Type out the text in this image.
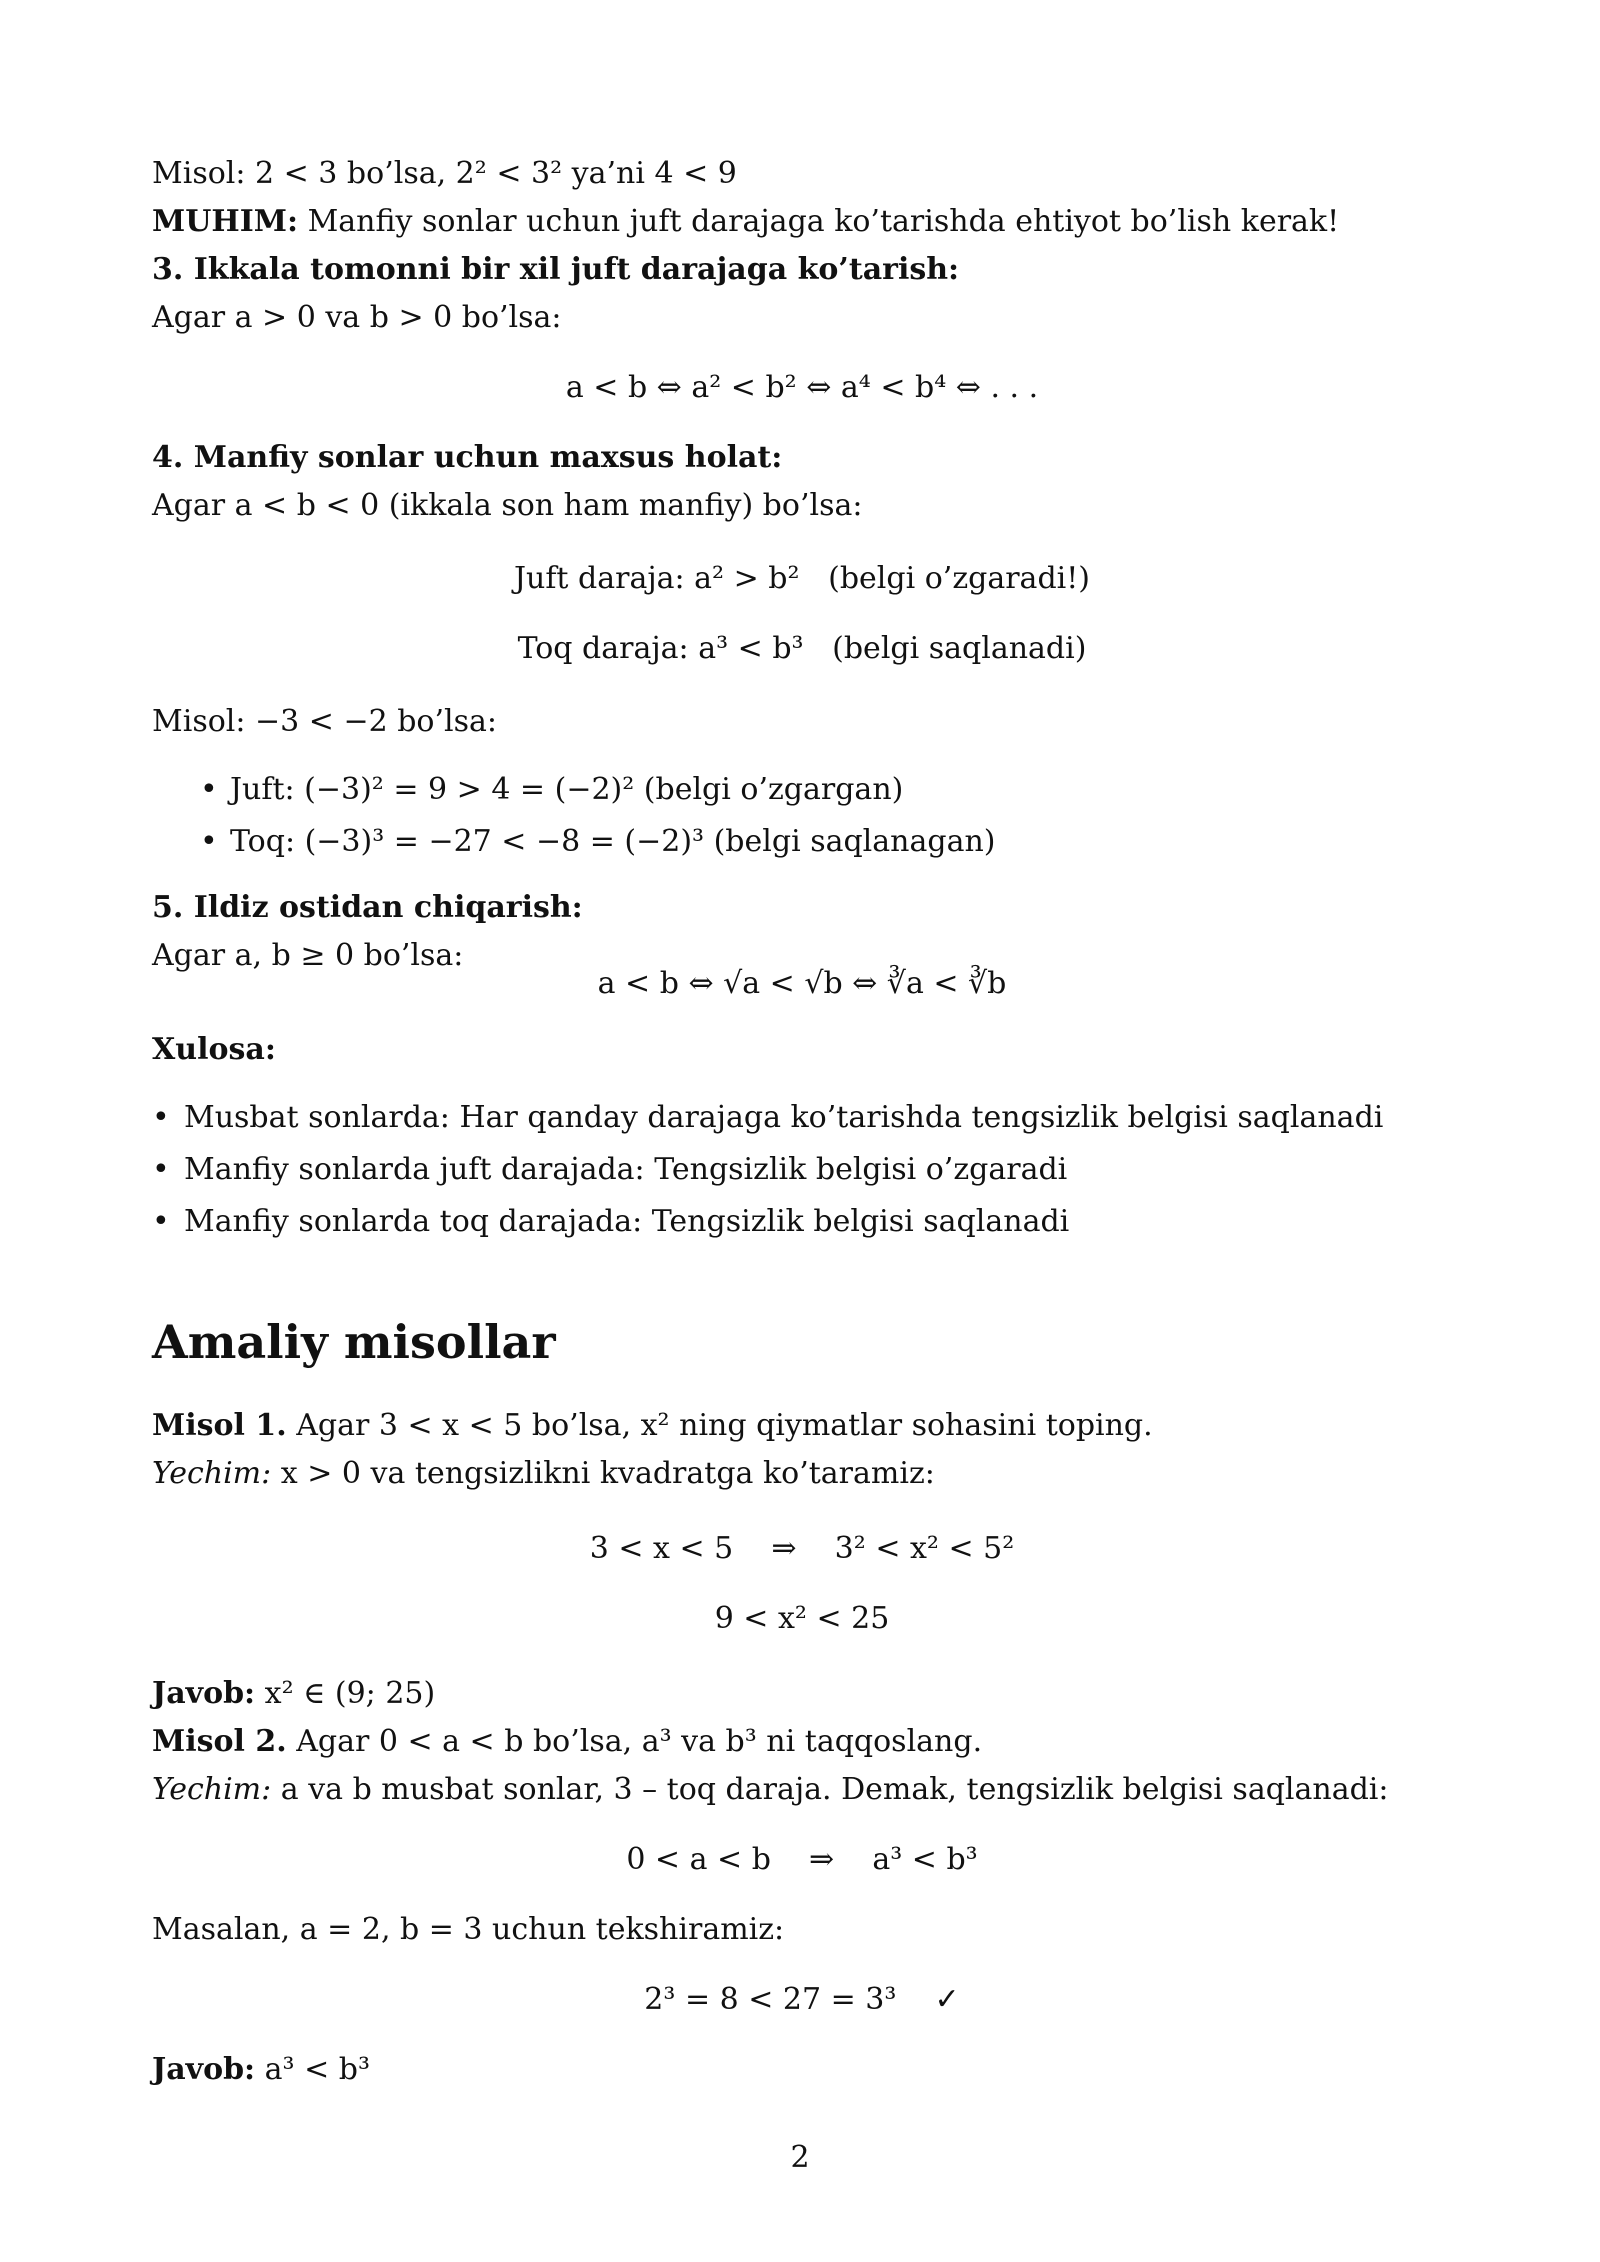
Misol: 2 < 3 bo’lsa, 2² < 3² ya’ni 4 < 9

MUHIM: Manfiy sonlar uchun juft darajaga ko’tarishda ehtiyot bo’lish kerak!

3. Ikkala tomonni bir xil juft darajaga ko’tarish:

Agar a > 0 va b > 0 bo’lsa:

a < b ⇔ a² < b² ⇔ a⁴ < b⁴ ⇔ . . .

4. Manfiy sonlar uchun maxsus holat:

Agar a < b < 0 (ikkala son ham manfiy) bo’lsa:

Juft daraja: a² > b²   (belgi o’zgaradi!)

Toq daraja: a³ < b³   (belgi saqlanadi)

Misol: −3 < −2 bo’lsa:

• Juft: (−3)² = 9 > 4 = (−2)² (belgi o’zgargan)
• Toq: (−3)³ = −27 < −8 = (−2)³ (belgi saqlanagan)

5. Ildiz ostidan chiqarish:

Agar a, b ≥ 0 bo’lsa:

a < b ⇔ √a < √b ⇔ ∛a < ∛b

Xulosa:

• Musbat sonlarda: Har qanday darajaga ko’tarishda tengsizlik belgisi saqlanadi
• Manfiy sonlarda juft darajada: Tengsizlik belgisi o’zgaradi
• Manfiy sonlarda toq darajada: Tengsizlik belgisi saqlanadi
Amaliy misollar

Misol 1. Agar 3 < x < 5 bo’lsa, x² ning qiymatlar sohasini toping.

Yechim: x > 0 va tengsizlikni kvadratga ko’taramiz:

3 < x < 5    ⇒    3² < x² < 5²

9 < x² < 25

Javob: x² ∈ (9; 25)

Misol 2. Agar 0 < a < b bo’lsa, a³ va b³ ni taqqoslang.

Yechim: a va b musbat sonlar, 3 – toq daraja. Demak, tengsizlik belgisi saqlanadi:

0 < a < b    ⇒    a³ < b³

Masalan, a = 2, b = 3 uchun tekshiramiz:

2³ = 8 < 27 = 3³    ✓

Javob: a³ < b³

2
